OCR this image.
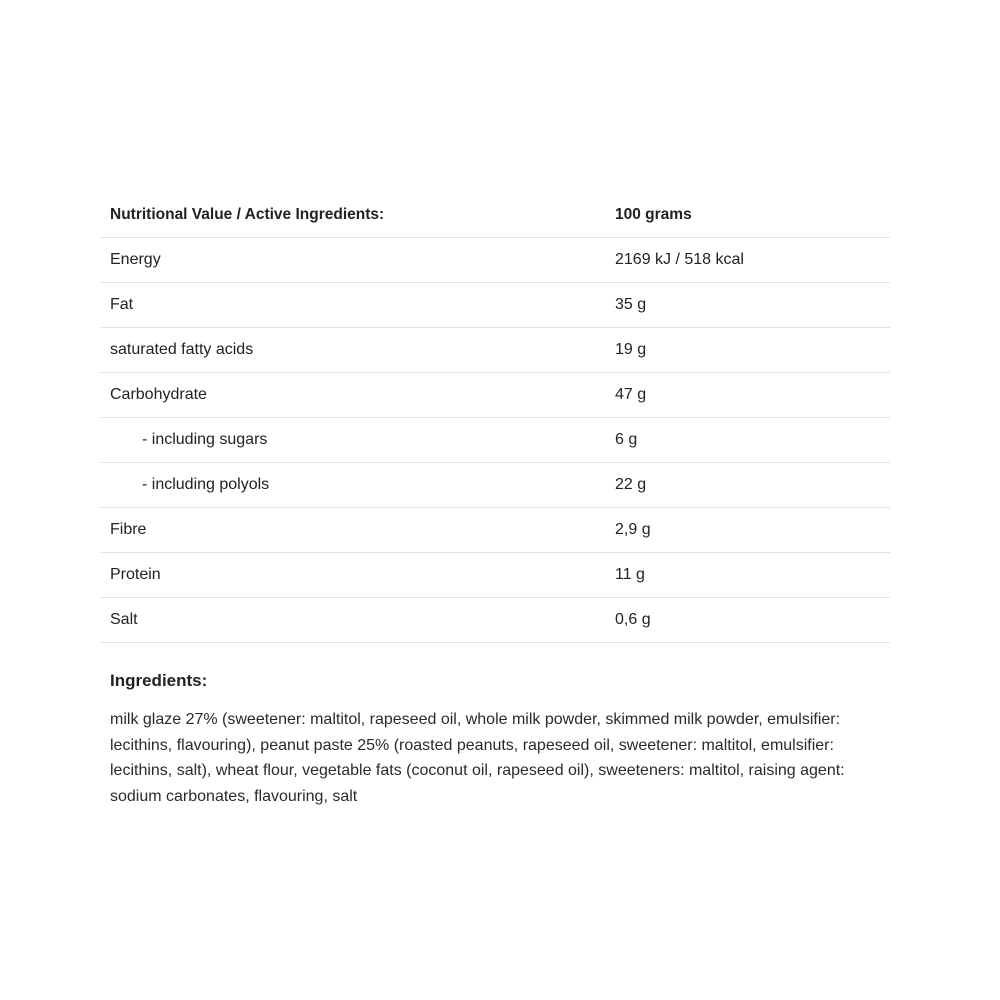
Nutritional Value / Active Ingredients:	100 grams
Energy	2169 kJ / 518 kcal
Fat	35 g
saturated fatty acids	19 g
Carbohydrate	47 g
- including sugars	6 g
- including polyols	22 g
Fibre	2,9 g
Protein	11 g
Salt	0,6 g
Ingredients:
milk glaze 27% (sweetener: maltitol, rapeseed oil, whole milk powder, skimmed milk powder, emulsifier: lecithins, flavouring), peanut paste 25% (roasted peanuts, rapeseed oil, sweetener: maltitol, emulsifier: lecithins, salt), wheat flour, vegetable fats (coconut oil, rapeseed oil), sweeteners: maltitol, raising agent: sodium carbonates, flavouring, salt
